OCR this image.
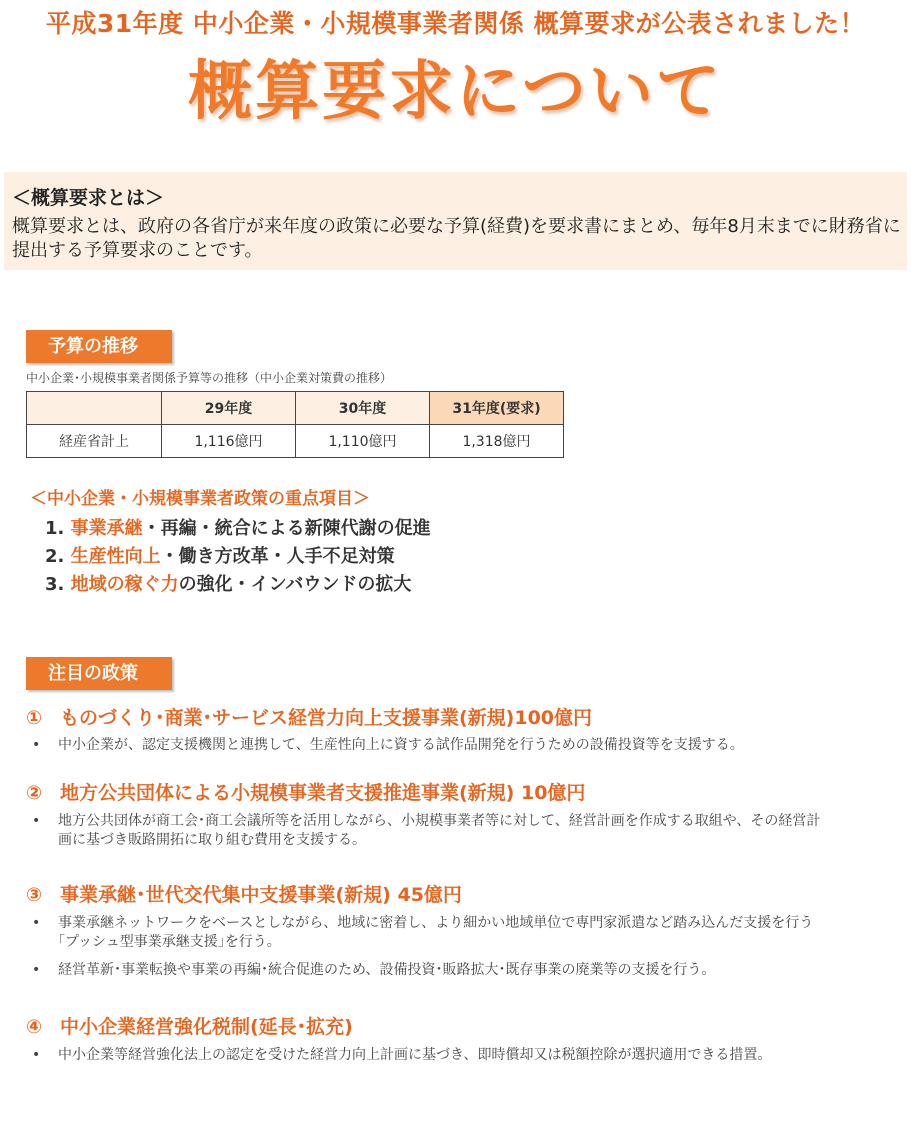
平成31年度 中小企業・小規模事業者関係 概算要求が公表されました！
概算要求について
＜概算要求とは＞
概算要求とは、政府の各省庁が来年度の政策に必要な予算(経費)を要求書にまとめ、毎年8月末までに財務省に提出する予算要求のことです。
予算の推移
中小企業･小規模事業者関係予算等の推移（中小企業対策費の推移）
	29年度	30年度	31年度(要求)
経産省計上	1,116億円	1,110億円	1,318億円
＜中小企業・小規模事業者政策の重点項目＞
1. 事業承継・再編・統合による新陳代謝の促進
2. 生産性向上・働き方改革・人手不足対策
3. 地域の稼ぐ力の強化・インバウンドの拡大
注目の政策
① ものづくり･商業･サービス経営力向上支援事業(新規)100億円
• 中小企業が、認定支援機関と連携して、生産性向上に資する試作品開発を行うための設備投資等を支援する。
② 地方公共団体による小規模事業者支援推進事業(新規) 10億円
• 地方公共団体が商工会･商工会議所等を活用しながら、小規模事業者等に対して、経営計画を作成する取組や、その経営計画に基づき販路開拓に取り組む費用を支援する。
③ 事業承継･世代交代集中支援事業(新規) 45億円
• 事業承継ネットワークをベースとしながら、地域に密着し、より細かい地域単位で専門家派遣など踏み込んだ支援を行う｢プッシュ型事業承継支援｣を行う。
• 経営革新･事業転換や事業の再編･統合促進のため、設備投資･販路拡大･既存事業の廃業等の支援を行う。
④ 中小企業経営強化税制(延長･拡充)
• 中小企業等経営強化法上の認定を受けた経営力向上計画に基づき、即時償却又は税額控除が選択適用できる措置。
